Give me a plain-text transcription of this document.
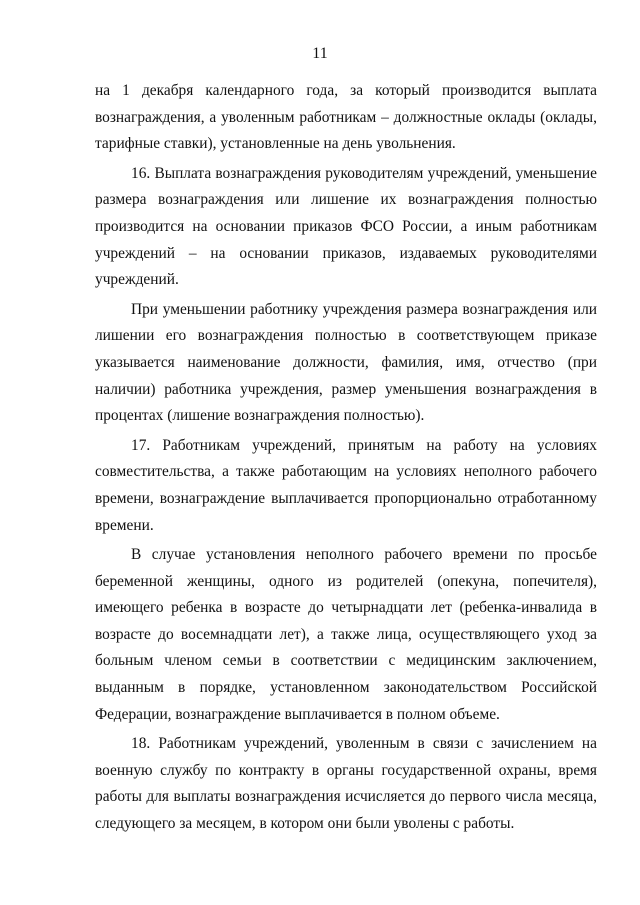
11

на 1 декабря календарного года, за который производится выплата вознаграждения, а уволенным работникам – должностные оклады (оклады, тарифные ставки), установленные на день увольнения.

16. Выплата вознаграждения руководителям учреждений, уменьшение размера вознаграждения или лишение их вознаграждения полностью производится на основании приказов ФСО России, а иным работникам учреждений – на основании приказов, издаваемых руководителями учреждений.

При уменьшении работнику учреждения размера вознаграждения или лишении его вознаграждения полностью в соответствующем приказе указывается наименование должности, фамилия, имя, отчество (при наличии) работника учреждения, размер уменьшения вознаграждения в процентах (лишение вознаграждения полностью).

17. Работникам учреждений, принятым на работу на условиях совместительства, а также работающим на условиях неполного рабочего времени, вознаграждение выплачивается пропорционально отработанному времени.

В случае установления неполного рабочего времени по просьбе беременной женщины, одного из родителей (опекуна, попечителя), имеющего ребенка в возрасте до четырнадцати лет (ребенка-инвалида в возрасте до восемнадцати лет), а также лица, осуществляющего уход за больным членом семьи в соответствии с медицинским заключением, выданным в порядке, установленном законодательством Российской Федерации, вознаграждение выплачивается в полном объеме.

18. Работникам учреждений, уволенным в связи с зачислением на военную службу по контракту в органы государственной охраны, время работы для выплаты вознаграждения исчисляется до первого числа месяца, следующего за месяцем, в котором они были уволены с работы.
